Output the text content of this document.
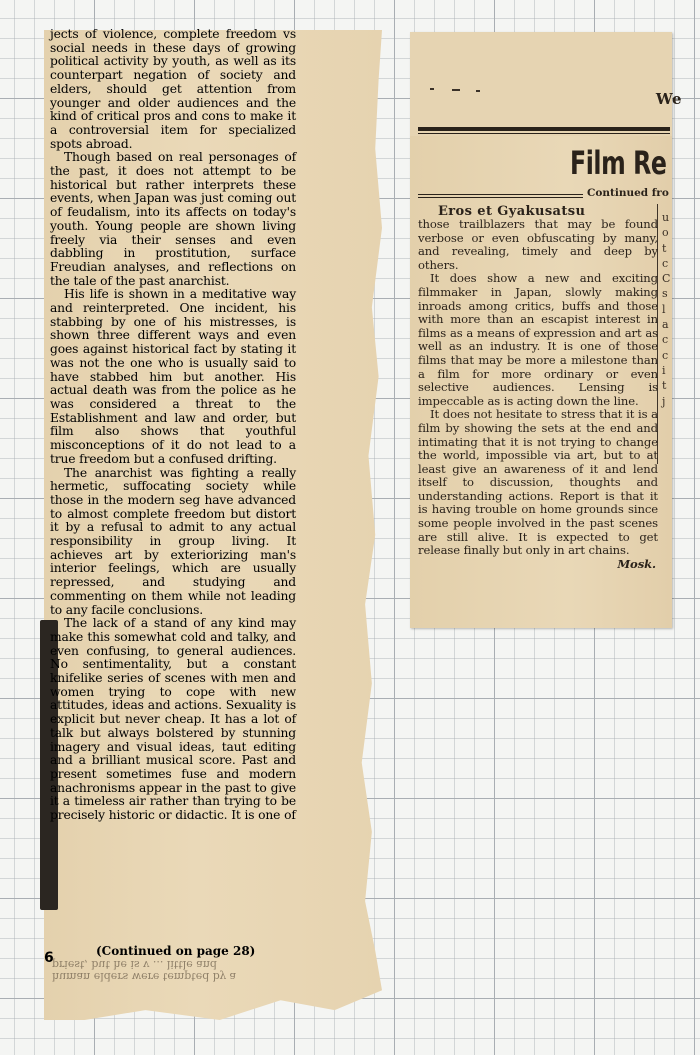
jects of violence, complete freedom vs social needs in these days of growing political activity by youth, as well as its counterpart negation of society and elders, should get attention from younger and older audiences and the kind of critical pros and cons to make it a controversial item for specialized spots abroad.

Though based on real personages of the past, it does not attempt to be historical but rather interprets these events, when Japan was just coming out of feudalism, into its affects on today's youth. Young people are shown living freely via their senses and even dabbling in prostitution, surface Freudian analyses, and reflections on the tale of the past anarchist.

His life is shown in a meditative way and reinterpreted. One incident, his stabbing by one of his mistresses, is shown three different ways and even goes against historical fact by stating it was not the one who is usually said to have stabbed him but another. His actual death was from the police as he was considered a threat to the Establishment and law and order, but film also shows that youthful misconceptions of it do not lead to a true freedom but a confused drifting.

The anarchist was fighting a really hermetic, suffocating society while those in the modern seg have advanced to almost complete freedom but distort it by a refusal to admit to any actual responsibility in group living. It achieves art by exteriorizing man's interior feelings, which are usually repressed, and studying and commenting on them while not leading to any facile conclusions.

The lack of a stand of any kind may make this somewhat cold and talky, and even confusing, to general audiences. No sentimentality, but a constant knifelike series of scenes with men and women trying to cope with new attitudes, ideas and actions. Sexuality is explicit but never cheap. It has a lot of talk but always bolstered by stunning imagery and visual ideas, taut editing and a brilliant musical score. Past and present sometimes fuse and modern anachronisms appear in the past to give it a timeless air rather than trying to be precisely historic or didactic. It is one of

6	(Continued on page 28)
human elders were tempted by a
priest, but he is v ... little and
We
Film Re
Continued fro
Eros et Gyakusatsu	u
o
t
c
C
s
l
a
c
c
i
t
j

those trailblazers that may be found verbose or even obfuscating by many, and revealing, timely and deep by others.

It does show a new and exciting filmmaker in Japan, slowly making inroads among critics, buffs and those with more than an escapist interest in films as a means of expression and art as well as an industry. It is one of those films that may be more a milestone than a film for more ordinary or even selective audiences. Lensing is impeccable as is acting down the line.

It does not hesitate to stress that it is a film by showing the sets at the end and intimating that it is not trying to change the world, impossible via art, but to at least give an awareness of it and lend itself to discussion, thoughts and understanding actions. Report is that it is having trouble on home grounds since some people involved in the past scenes are still alive. It is expected to get release finally but only in art chains.

Mosk.
